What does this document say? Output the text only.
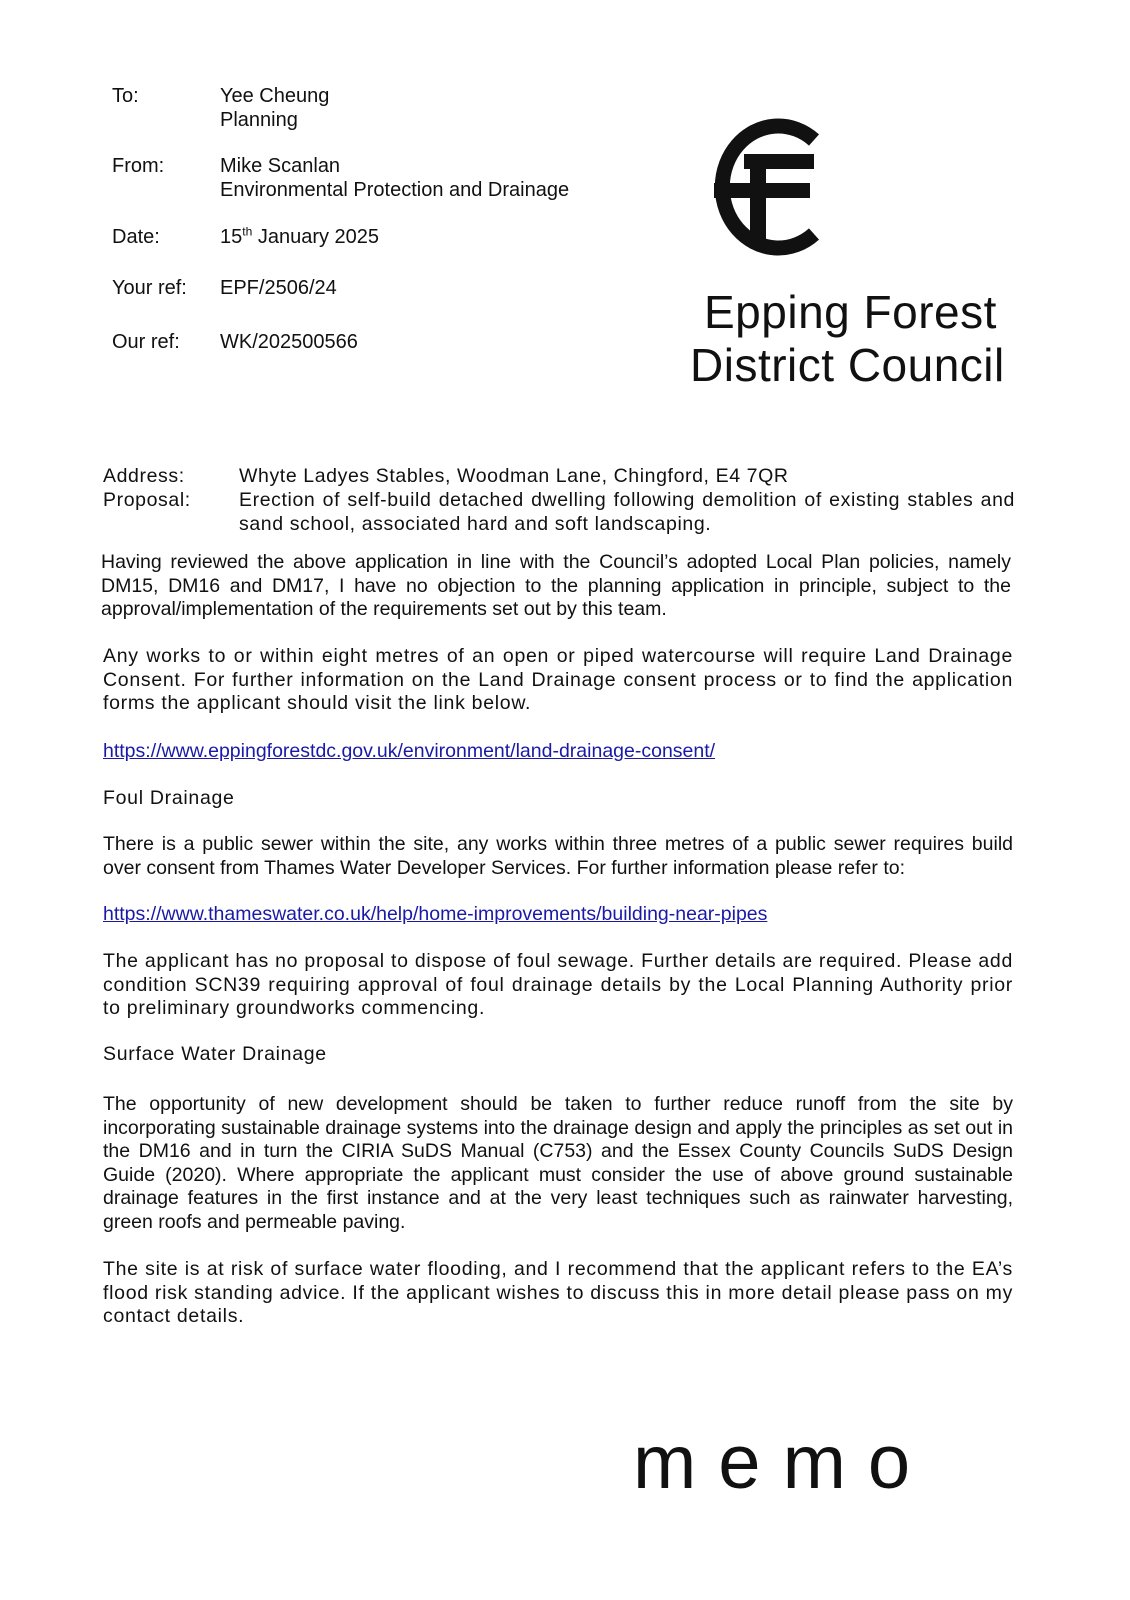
To:	Yee Cheung
Planning
From:	Mike Scanlan
Environmental Protection and Drainage
Date:	15th January 2025
Your ref:	EPF/2506/24
Our ref:	WK/202500566
Epping Forest
District Council
Address:	Whyte Ladyes Stables, Woodman Lane, Chingford, E4 7QR
Proposal:	Erection of self-build detached dwelling following demolition of existing stables and sand school, associated hard and soft landscaping.

Having reviewed the above application in line with the Council’s adopted Local Plan policies, namely DM15, DM16 and DM17, I have no objection to the planning application in principle, subject to the approval/implementation of the requirements set out by this team.

Any works to or within eight metres of an open or piped watercourse will require Land Drainage Consent. For further information on the Land Drainage consent process or to find the application forms the applicant should visit the link below.

https://www.eppingforestdc.gov.uk/environment/land-drainage-consent/

Foul Drainage

There is a public sewer within the site, any works within three metres of a public sewer requires build over consent from Thames Water Developer Services. For further information please refer to:

https://www.thameswater.co.uk/help/home-improvements/building-near-pipes

The applicant has no proposal to dispose of foul sewage. Further details are required. Please add condition SCN39 requiring approval of foul drainage details by the Local Planning Authority prior to preliminary groundworks commencing.

Surface Water Drainage

The opportunity of new development should be taken to further reduce runoff from the site by incorporating sustainable drainage systems into the drainage design and apply the principles as set out in the DM16 and in turn the CIRIA SuDS Manual (C753) and the Essex County Councils SuDS Design Guide (2020). Where appropriate the applicant must consider the use of above ground sustainable drainage features in the first instance and at the very least techniques such as rainwater harvesting, green roofs and permeable paving.

The site is at risk of surface water flooding, and I recommend that the applicant refers to the EA’s flood risk standing advice. If the applicant wishes to discuss this in more detail please pass on my contact details.

memo
